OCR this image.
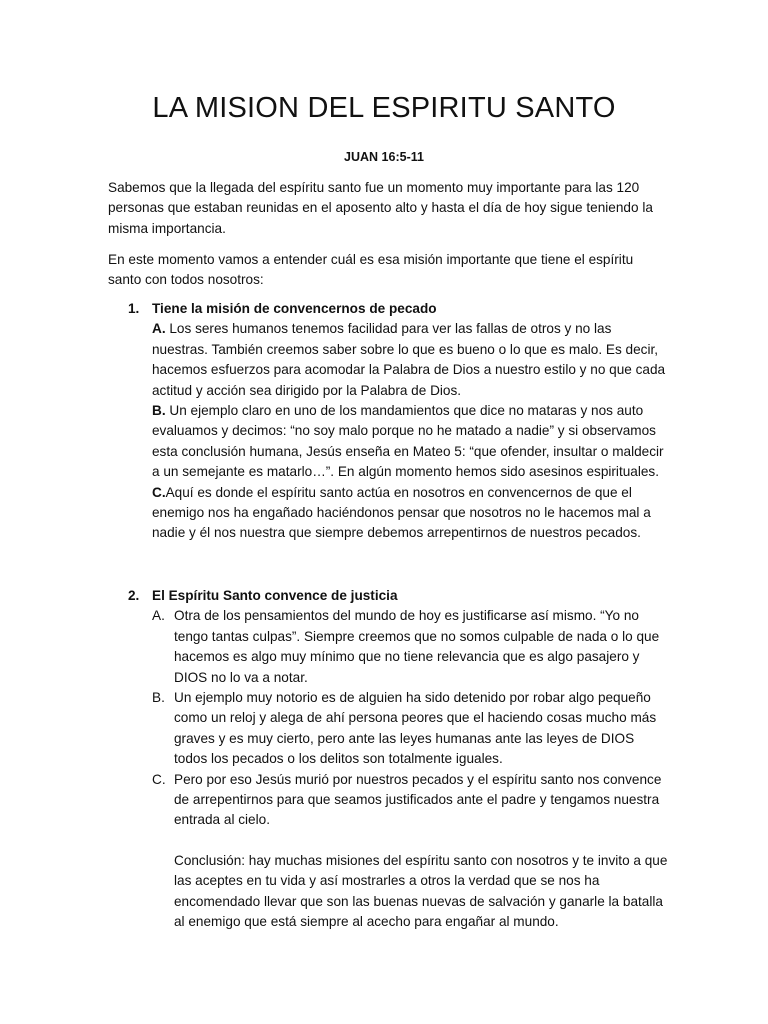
LA MISION DEL ESPIRITU SANTO

JUAN 16:5-11

Sabemos que la llegada del espíritu santo fue un momento muy importante para las 120 personas que estaban reunidas en el aposento alto y hasta el día de hoy sigue teniendo la misma importancia.

En este momento vamos a entender cuál es esa misión importante que tiene el espíritu santo con todos nosotros:

1. Tiene la misión de convencernos de pecado

A. Los seres humanos tenemos facilidad para ver las fallas de otros y no las nuestras. También creemos saber sobre lo que es bueno o lo que es malo. Es decir, hacemos esfuerzos para acomodar la Palabra de Dios a nuestro estilo y no que cada actitud y acción sea dirigido por la Palabra de Dios.

B. Un ejemplo claro en uno de los mandamientos que dice no mataras y nos auto evaluamos y decimos: “no soy malo porque no he matado a nadie” y si observamos esta conclusión humana, Jesús enseña en Mateo 5: “que ofender, insultar o maldecir a un semejante es matarlo…”. En algún momento hemos sido asesinos espirituales.

C.Aquí es donde el espíritu santo actúa en nosotros en convencernos de que el enemigo nos ha engañado haciéndonos pensar que nosotros no le hacemos mal a nadie y él nos nuestra que siempre debemos arrepentirnos de nuestros pecados.

2. El Espíritu Santo convence de justicia
A. Otra de los pensamientos del mundo de hoy es justificarse así mismo. “Yo no tengo tantas culpas”. Siempre creemos que no somos culpable de nada o lo que hacemos es algo muy mínimo que no tiene relevancia que es algo pasajero y DIOS no lo va a notar.
B. Un ejemplo muy notorio es de alguien ha sido detenido por robar algo pequeño como un reloj y alega de ahí persona peores que el haciendo cosas mucho más graves y es muy cierto, pero ante las leyes humanas ante las leyes de DIOS todos los pecados o los delitos son totalmente iguales.
C. Pero por eso Jesús murió por nuestros pecados y el espíritu santo nos convence de arrepentirnos para que seamos justificados ante el padre y tengamos nuestra entrada al cielo.

Conclusión: hay muchas misiones del espíritu santo con nosotros y te invito a que las aceptes en tu vida y así mostrarles a otros la verdad que se nos ha encomendado llevar que son las buenas nuevas de salvación y ganarle la batalla al enemigo que está siempre al acecho para engañar al mundo.
